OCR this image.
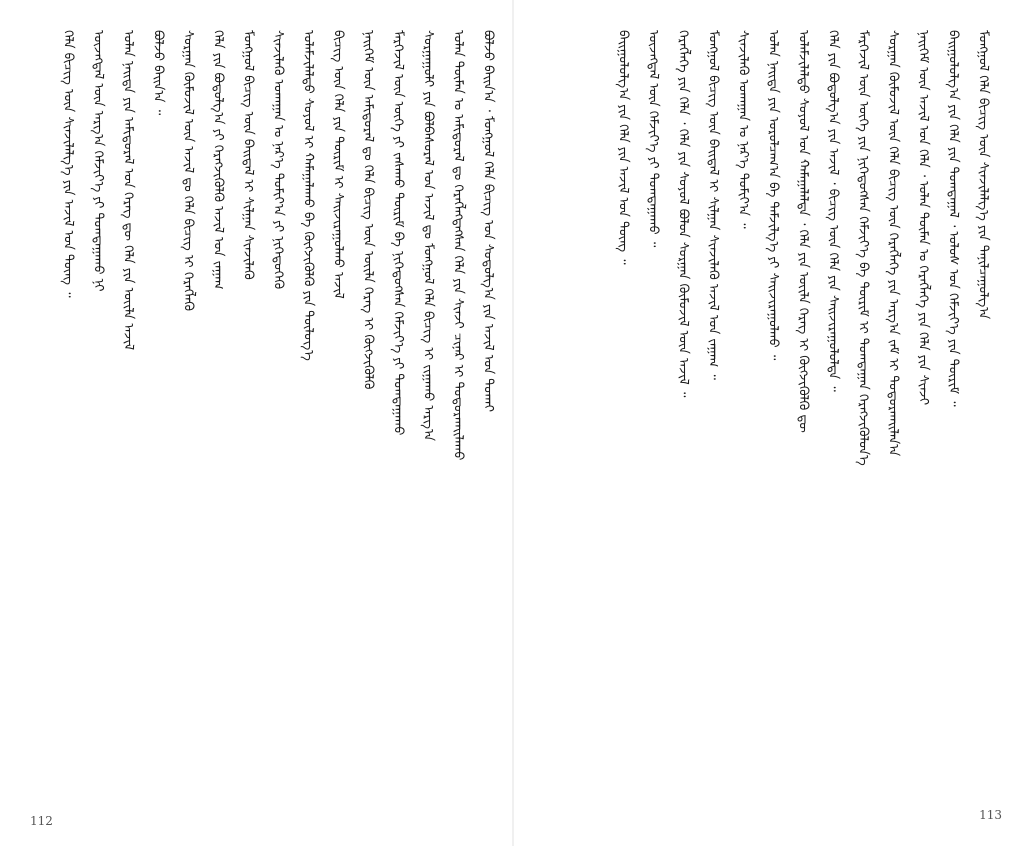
ᠪᠣᠯᠵᠤ ᠪᠠᠢᠨ᠎ᠠ ᠂ ᠮᠣᠩᠭᠣᠯ ᠬᠡᠯᠡ ᠪᠢᠴᠢᠭ ᠤᠨ ᠰᠤᠳᠤᠯᠭ᠎ᠠ ᠶᠢᠨ ᠠᠵᠢᠯ ᠤᠨ ᠲᠤᠬᠠᠢ
ᠣᠯᠠᠨ ᠲᠦᠮᠡᠨ ᠤ ᠠᠮᠢᠳᠤᠷᠠᠯ ᠳᠤ ᠬᠡᠷᠡᠭᠯᠡᠭᠳᠡᠭᠰᠡᠨ ᠬᠡᠯᠡ ᠶᠢᠨ ᠰᠢᠨᠵᠢ ᠴᠢᠨᠠᠷ ᠢ ᠲᠣᠳᠤᠷᠬᠠᠢᠯᠠᠬᠤ
ᠰᠤᠷᠭᠠᠭᠤᠯᠢ ᠶᠢᠨ ᠪᠣᠯᠪᠠᠰᠤᠷᠠᠯ ᠤᠨ ᠠᠵᠢᠯ ᠳᠤ ᠮᠣᠩᠭᠣᠯ ᠬᠡᠯᠡ ᠪᠢᠴᠢᠭ ᠢ ᠵᠢᠭᠠᠬᠤ ᠠᠷᠭ᠎ᠠ
ᠮᠡᠷᠭᠡᠵᠢᠯ ᠦᠨ ᠦᠭᠡ ᠶᠢ ᠵᠠᠰᠠᠬᠤ ᠳᠦᠷᠢᠮ ᠪᠠ ᠨᠢᠭᠡᠳᠦᠭᠰᠡᠨ ᠬᠡᠮᠵᠢᠶ᠎ᠡ ᠶᠢ ᠲᠣᠭᠲᠠᠭᠠᠬᠤ
ᠨᠡᠢᠭᠡᠮ ᠦᠨ ᠠᠮᠢᠳᠤᠷᠠᠯ ᠳᠤ ᠬᠡᠯᠡ ᠪᠢᠴᠢᠭ ᠦᠨ ᠦᠢᠯᠡ ᠬᠡᠷᠡᠭ ᠢ ᠬᠥᠭᠵᠢᠭᠦᠯᠬᠦ
ᠪᠢᠴᠢᠭ ᠦᠨ ᠬᠡᠯᠡ ᠶᠢᠨ ᠳᠦᠷᠢᠮ ᠢ ᠰᠠᠢᠵᠢᠷᠠᠭᠤᠯᠬᠤ ᠠᠵᠢᠯ
ᠤᠯᠠᠮᠵᠢᠯᠠᠯᠳᠤ ᠰᠣᠶᠤᠯ ᠢ ᠬᠠᠮᠠᠭᠠᠯᠠᠬᠤ ᠪᠠ ᠬᠥᠭᠵᠢᠭᠦᠯᠬᠦ ᠶᠢᠨ ᠲᠥᠯᠥᠭ᠎ᠡ
ᠰᠢᠨᠵᠢᠯᠡᠬᠦ ᠤᠬᠠᠭᠠᠨ ᠤ ᠨᠡᠷ᠎ᠡ ᠲᠣᠮᠢᠶ᠎ᠠ ᠶᠢ ᠨᠢᠭᠡᠳᠦᠭᠡᠬᠦ
ᠮᠣᠩᠭᠣᠯ ᠪᠢᠴᠢᠭ ᠦᠨ ᠪᠠᠢᠳᠠᠯ ᠢ ᠰᠢᠯᠭᠠᠨ ᠰᠢᠨᠵᠢᠯᠡᠬᠦ
ᠬᠡᠯᠡ ᠶᠢᠨ ᠪᠣᠳᠣᠯᠭ᠎ᠠ ᠶᠢ ᠬᠡᠷᠡᠭᠵᠢᠭᠦᠯᠬᠦ ᠠᠵᠢᠯ ᠤᠨ ᠵᠠᠭᠠᠭ
ᠰᠤᠷᠭᠠᠨ ᠬᠦᠮᠦᠵᠢᠯ ᠦᠨ ᠠᠵᠢᠯ ᠳᠤ ᠬᠡᠯᠡ ᠪᠢᠴᠢᠭ ᠢ ᠬᠡᠷᠡᠭᠯᠡᠬᠦ
ᠪᠣᠯᠵᠤ ᠪᠠᠢᠨ᠎ᠠ ᠃
ᠣᠯᠠᠨ ᠨᠡᠢᠲᠡ ᠶᠢᠨ ᠠᠮᠢᠳᠤᠷᠠᠯ ᠤᠨ ᠬᠡᠷᠡᠭ ᠳᠦ ᠬᠡᠯᠡ ᠶᠢᠨ ᠦᠢᠯᠡ ᠠᠵᠢᠯ
ᠦᠵᠡᠭᠳᠡᠯ ᠦᠨ ᠠᠷᠭ᠎ᠠ ᠬᠡᠮᠵᠢᠶ᠎ᠡ ᠶᠢ ᠲᠣᠭᠲᠠᠭᠠᠬᠤ ᠨᠢ
ᠬᠡᠯᠡ ᠪᠢᠴᠢᠭ ᠦᠨ ᠰᠢᠨᠵᠢᠯᠡᠯᠭ᠎ᠡ ᠶᠢᠨ ᠠᠵᠢᠯ ᠤᠨ ᠳᠦᠩ ᠃
112
ᠮᠣᠩᠭᠣᠯ ᠬᠡᠯᠡ ᠪᠢᠴᠢᠭ ᠦᠨ ᠰᠢᠨᠵᠢᠯᠡᠯᠭ᠎ᠡ ᠶᠢᠨ ᠲᠠᠨᠢᠯᠴᠠᠭᠤᠯᠭ᠎ᠠ
ᠪᠠᠢᠭᠤᠯᠤᠯᠭ᠎ᠠ ᠶᠢᠨ ᠬᠡᠯᠡ ᠶᠢᠨ ᠲᠣᠭᠲᠠᠭᠠᠯ ᠂ ᠤᠯᠤᠰ ᠤᠨ ᠬᠡᠮᠵᠢᠶ᠎ᠡ ᠶᠢᠨ ᠳᠦᠷᠢᠮ ᠃
ᠨᠡᠢᠭᠡᠮ ᠦᠨ ᠠᠵᠢᠯ ᠤᠨ ᠬᠡᠯᠡ ᠂ ᠣᠯᠠᠨ ᠲᠦᠮᠡᠨ ᠤ ᠬᠡᠷᠡᠭᠯᠡᠭᠡ ᠶᠢᠨ ᠬᠡᠯᠡ ᠶᠢᠨ ᠰᠢᠨᠵᠢ
ᠰᠤᠷᠭᠠᠨ ᠬᠦᠮᠦᠵᠢᠯ ᠦᠨ ᠬᠡᠯᠡ ᠪᠢᠴᠢᠭ ᠦᠨ ᠬᠡᠷᠡᠭᠯᠡᠭᠡ ᠶᠢᠨ ᠠᠷᠭ᠎ᠠ ᠵᠠᠮ ᠢ ᠲᠣᠳᠤᠷᠬᠠᠢᠯᠠᠨ᠎ᠠ
ᠮᠡᠷᠭᠡᠵᠢᠯ ᠦᠨ ᠦᠭᠡ ᠶᠢᠨ ᠨᠢᠭᠡᠳᠦᠭᠰᠡᠨ ᠬᠡᠮᠵᠢᠶ᠎ᠡ ᠪᠠ ᠳᠦᠷᠢᠮ ᠢ ᠲᠣᠭᠲᠠᠭᠠᠨ ᠬᠡᠷᠡᠭᠵᠢᠭᠦᠯᠦᠨ᠎ᠡ
ᠬᠡᠯᠡ ᠶᠢᠨ ᠪᠣᠳᠣᠯᠭ᠎ᠠ ᠶᠢᠨ ᠠᠵᠢᠯ ᠂ ᠪᠢᠴᠢᠭ ᠦᠨ ᠬᠡᠯᠡ ᠶᠢᠨ ᠰᠠᠢᠵᠢᠷᠠᠭᠤᠯᠤᠯᠲᠠ ᠃
ᠤᠯᠠᠮᠵᠢᠯᠠᠯᠳᠤ ᠰᠣᠶᠤᠯ ᠤᠨ ᠬᠠᠮᠠᠭᠠᠯᠠᠯᠲᠠ ᠂ ᠬᠡᠯᠡ ᠶᠢᠨ ᠦᠢᠯᠡ ᠬᠡᠷᠡᠭ ᠢ ᠬᠥᠭᠵᠢᠭᠦᠯᠬᠦ ᠳᠦ
ᠣᠯᠠᠨ ᠨᠡᠢᠲᠡ ᠶᠢᠨ ᠣᠷᠣᠯᠴᠠᠭ᠎ᠠ ᠪᠠ ᠳᠡᠮᠵᠢᠯᠭ᠎ᠡ ᠶᠢ ᠰᠠᠢᠵᠢᠷᠠᠭᠤᠯᠬᠤ ᠃
ᠰᠢᠨᠵᠢᠯᠡᠬᠦ ᠤᠬᠠᠭᠠᠨ ᠤ ᠨᠡᠷ᠎ᠡ ᠲᠣᠮᠢᠶ᠎ᠠ ᠃
ᠮᠣᠩᠭᠣᠯ ᠪᠢᠴᠢᠭ ᠦᠨ ᠪᠠᠢᠳᠠᠯ ᠢ ᠰᠢᠯᠭᠠᠨ ᠰᠢᠨᠵᠢᠯᠡᠬᠦ ᠠᠵᠢᠯ ᠤᠨ ᠵᠠᠭᠠᠭ ᠃
ᠬᠡᠷᠡᠭᠯᠡᠭᠡ ᠶᠢᠨ ᠬᠡᠯᠡ ᠂ ᠬᠡᠯᠡ ᠶᠢᠨ ᠰᠣᠶᠤᠯ ᠪᠣᠯᠤᠨ ᠰᠤᠷᠭᠠᠨ ᠬᠦᠮᠦᠵᠢᠯ ᠦᠨ ᠠᠵᠢᠯ ᠃
ᠦᠵᠡᠭᠳᠡᠯ ᠦᠨ ᠬᠡᠮᠵᠢᠶ᠎ᠡ ᠶᠢ ᠲᠣᠭᠲᠠᠭᠠᠬᠤ ᠃
ᠪᠠᠢᠭᠤᠯᠤᠯᠭ᠎ᠠ ᠶᠢᠨ ᠬᠡᠯᠡ ᠶᠢᠨ ᠠᠵᠢᠯ ᠤᠨ ᠳᠦᠩ ᠃
113
